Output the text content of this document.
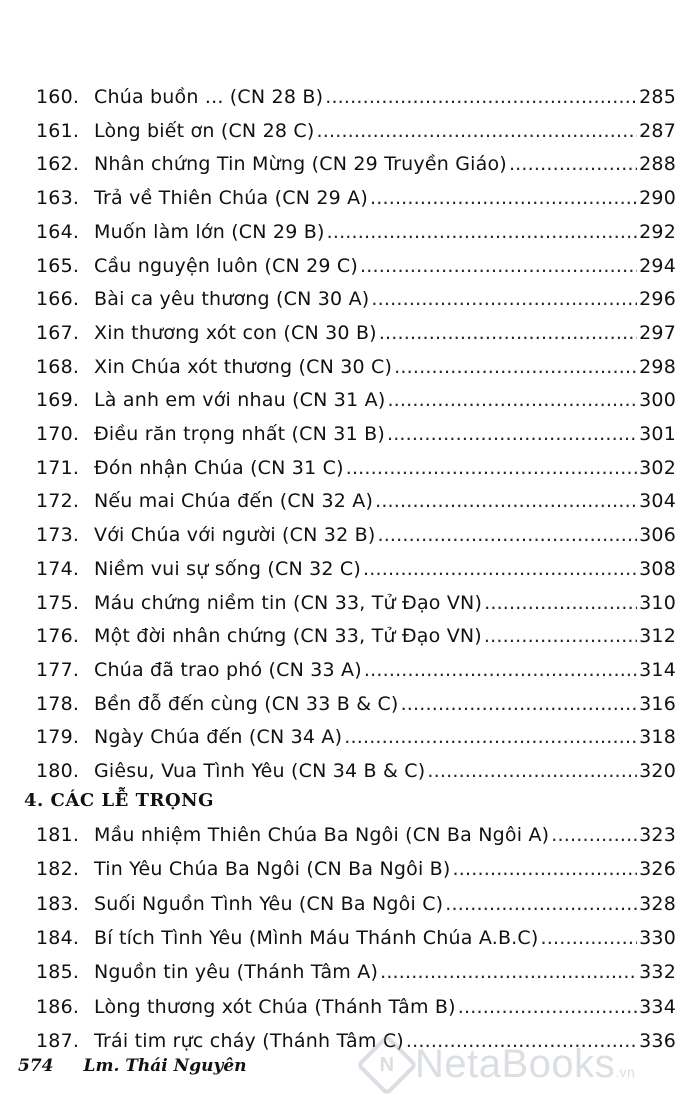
160. Chúa buồn ... (CN 28 B) .....	285
161. Lòng biết ơn (CN 28 C) .....	287
162. Nhân chứng Tin Mừng (CN 29 Truyền Giáo) .....	288
163. Trả về Thiên Chúa (CN 29 A) .....	290
164. Muốn làm lớn (CN 29 B) .....	292
165. Cầu nguyện luôn (CN 29 C) .....	294
166. Bài ca yêu thương (CN 30 A) .....	296
167. Xin thương xót con (CN 30 B) .....	297
168. Xin Chúa xót thương (CN 30 C) .....	298
169. Là anh em với nhau (CN 31 A) .....	300
170. Điều răn trọng nhất (CN 31 B) .....	301
171. Đón nhận Chúa (CN 31 C) .....	302
172. Nếu mai Chúa đến (CN 32 A) .....	304
173. Với Chúa với người (CN 32 B) .....	306
174. Niềm vui sự sống (CN 32 C) .....	308
175. Máu chứng niềm tin (CN 33, Tử Đạo VN) .....	310
176. Một đời nhân chứng (CN 33, Tử Đạo VN) .....	312
177. Chúa đã trao phó (CN 33 A) .....	314
178. Bền đỗ đến cùng (CN 33 B & C) .....	316
179. Ngày Chúa đến (CN 34 A) .....	318
180. Giêsu, Vua Tình Yêu (CN 34 B & C) .....	320
4. CÁC LỄ TRỌNG
181. Mầu nhiệm Thiên Chúa Ba Ngôi (CN Ba Ngôi A) .....	323
182. Tin Yêu Chúa Ba Ngôi (CN Ba Ngôi B) .....	326
183. Suối Nguồn Tình Yêu (CN Ba Ngôi C) .....	328
184. Bí tích Tình Yêu (Mình Máu Thánh Chúa A.B.C) .....	330
185. Nguồn tin yêu (Thánh Tâm A) .....	332
186. Lòng thương xót Chúa (Thánh Tâm B) .....	334
187. Trái tim rực cháy (Thánh Tâm C) .....	336
574 Lm. Thái Nguyên	N NetaBooks.vn
